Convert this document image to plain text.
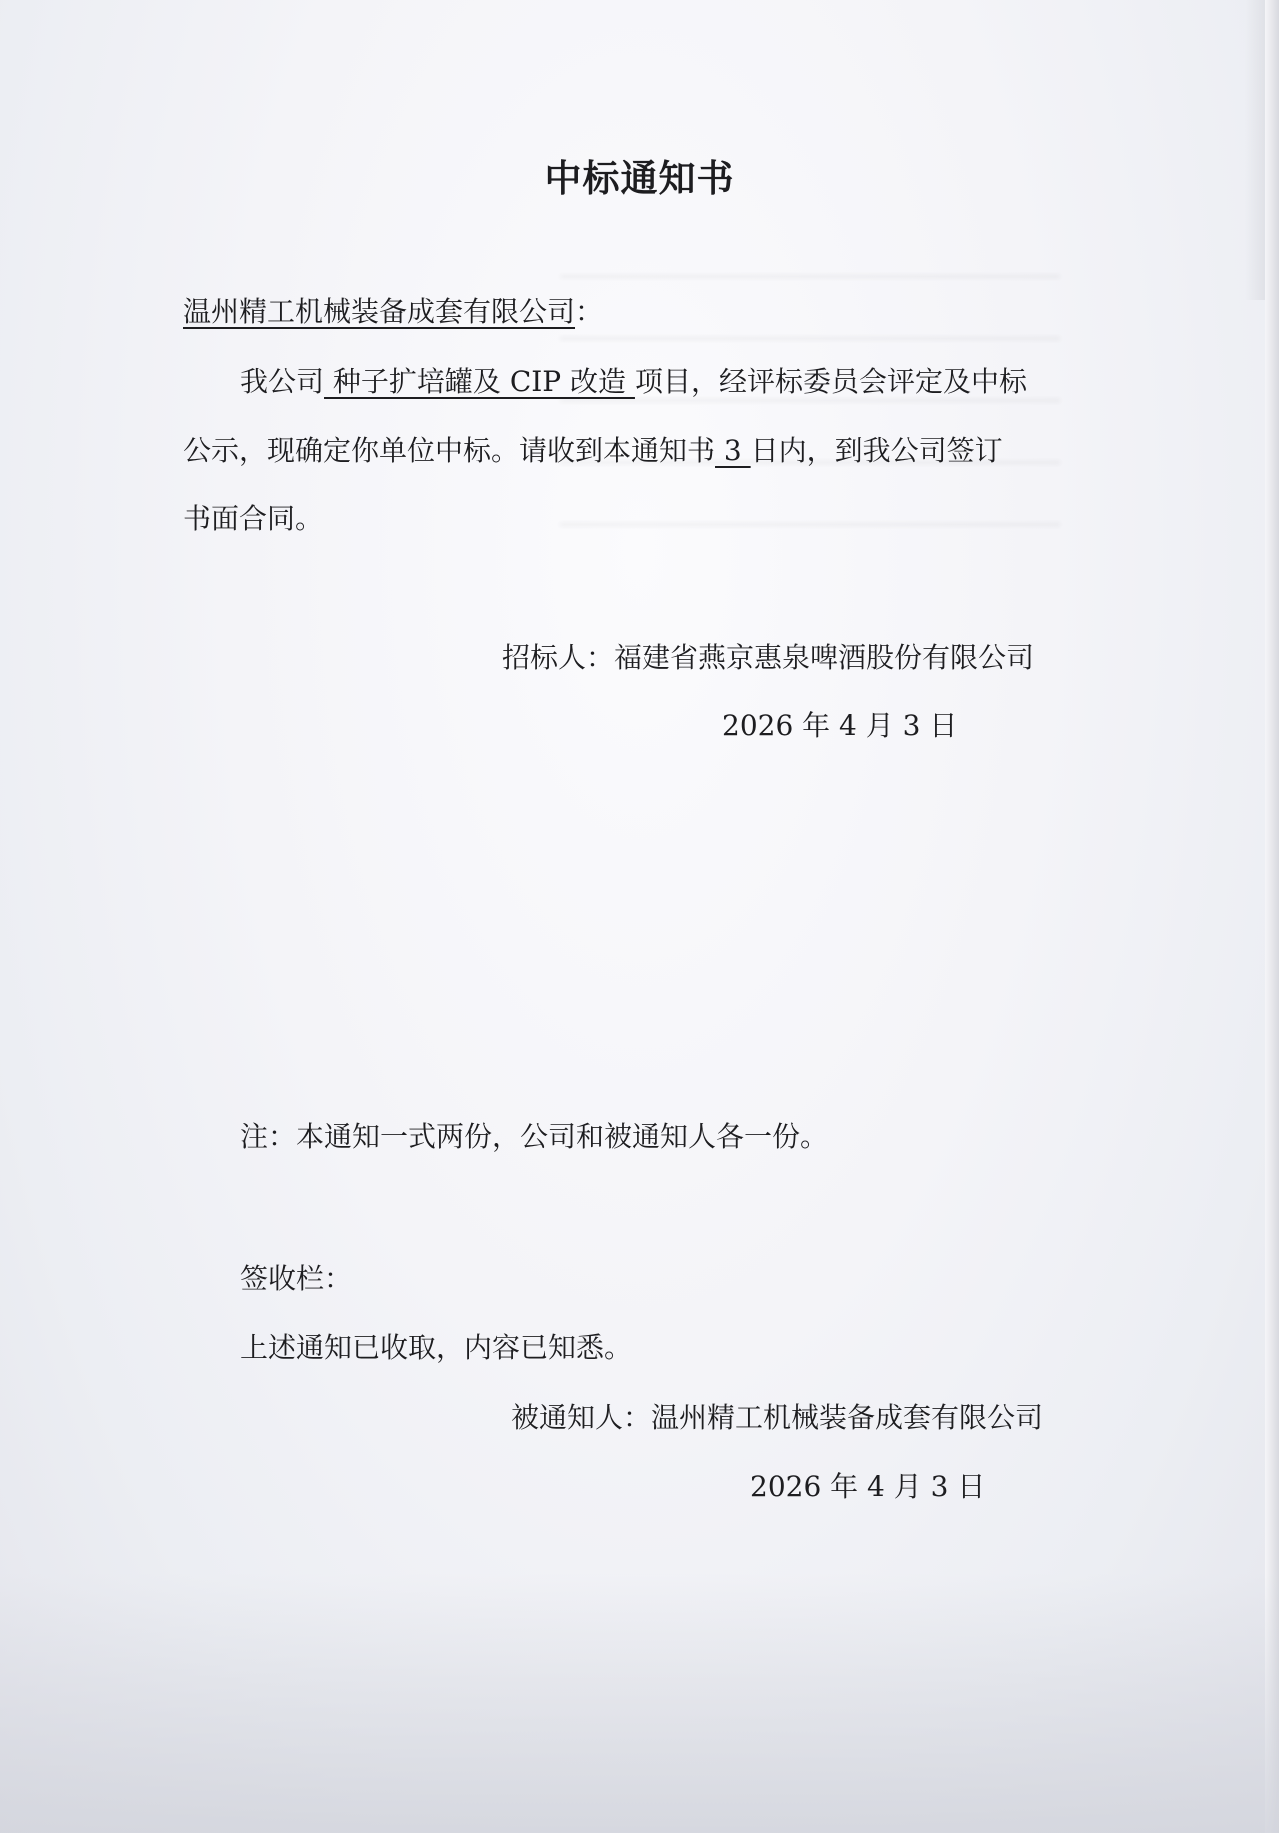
中标通知书
温州精工机械装备成套有限公司：
我公司 种子扩培罐及 CIP 改造 项目，经评标委员会评定及中标
公示，现确定你单位中标。请收到本通知书 3 日内，到我公司签订
书面合同。
招标人：福建省燕京惠泉啤酒股份有限公司
2026 年 4 月 3 日
注：本通知一式两份，公司和被通知人各一份。
签收栏：
上述通知已收取，内容已知悉。
被通知人：温州精工机械装备成套有限公司
2026 年 4 月 3 日
